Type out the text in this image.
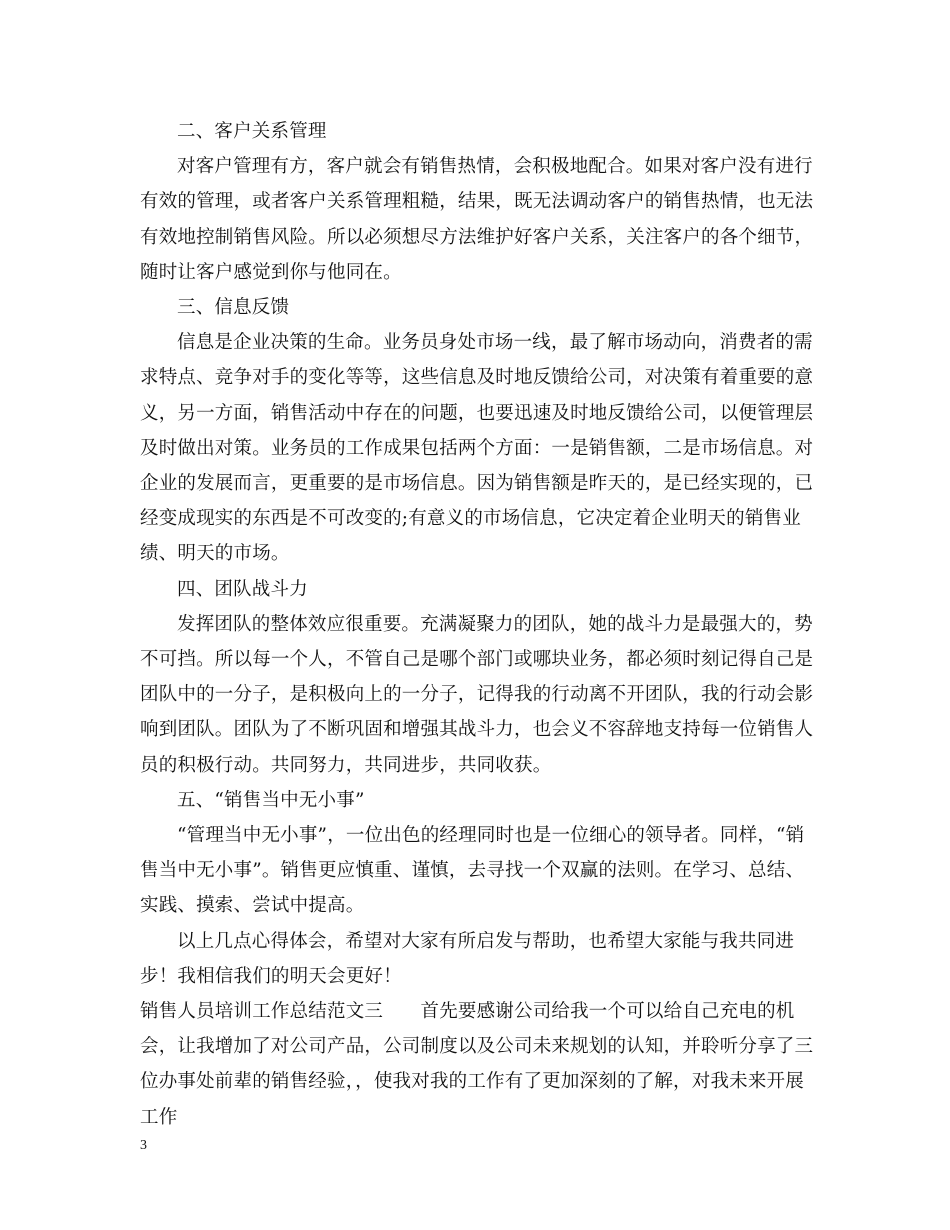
二、客户关系管理

对客户管理有方，客户就会有销售热情，会积极地配合。如果对客户没有进行有效的管理，或者客户关系管理粗糙，结果，既无法调动客户的销售热情，也无法有效地控制销售风险。所以必须想尽方法维护好客户关系，关注客户的各个细节，随时让客户感觉到你与他同在。

三、信息反馈

信息是企业决策的生命。业务员身处市场一线，最了解市场动向，消费者的需求特点、竞争对手的变化等等，这些信息及时地反馈给公司，对决策有着重要的意义，另一方面，销售活动中存在的问题，也要迅速及时地反馈给公司，以便管理层及时做出对策。业务员的工作成果包括两个方面：一是销售额，二是市场信息。对企业的发展而言，更重要的是市场信息。因为销售额是昨天的，是已经实现的，已经变成现实的东西是不可改变的;有意义的市场信息，它决定着企业明天的销售业绩、明天的市场。

四、团队战斗力

发挥团队的整体效应很重要。充满凝聚力的团队，她的战斗力是最强大的，势不可挡。所以每一个人，不管自己是哪个部门或哪块业务，都必须时刻记得自己是团队中的一分子，是积极向上的一分子，记得我的行动离不开团队，我的行动会影响到团队。团队为了不断巩固和增强其战斗力，也会义不容辞地支持每一位销售人员的积极行动。共同努力，共同进步，共同收获。

五、“销售当中无小事”

“管理当中无小事”，一位出色的经理同时也是一位细心的领导者。同样，“销售当中无小事”。销售更应慎重、谨慎，去寻找一个双赢的法则。在学习、总结、实践、摸索、尝试中提高。

以上几点心得体会，希望对大家有所启发与帮助，也希望大家能与我共同进步！我相信我们的明天会更好！

销售人员培训工作总结范文三　　首先要感谢公司给我一个可以给自己充电的机会，让我增加了对公司产品，公司制度以及公司未来规划的认知，并聆听分享了三位办事处前辈的销售经验，，使我对我的工作有了更加深刻的了解，对我未来开展工作

3
